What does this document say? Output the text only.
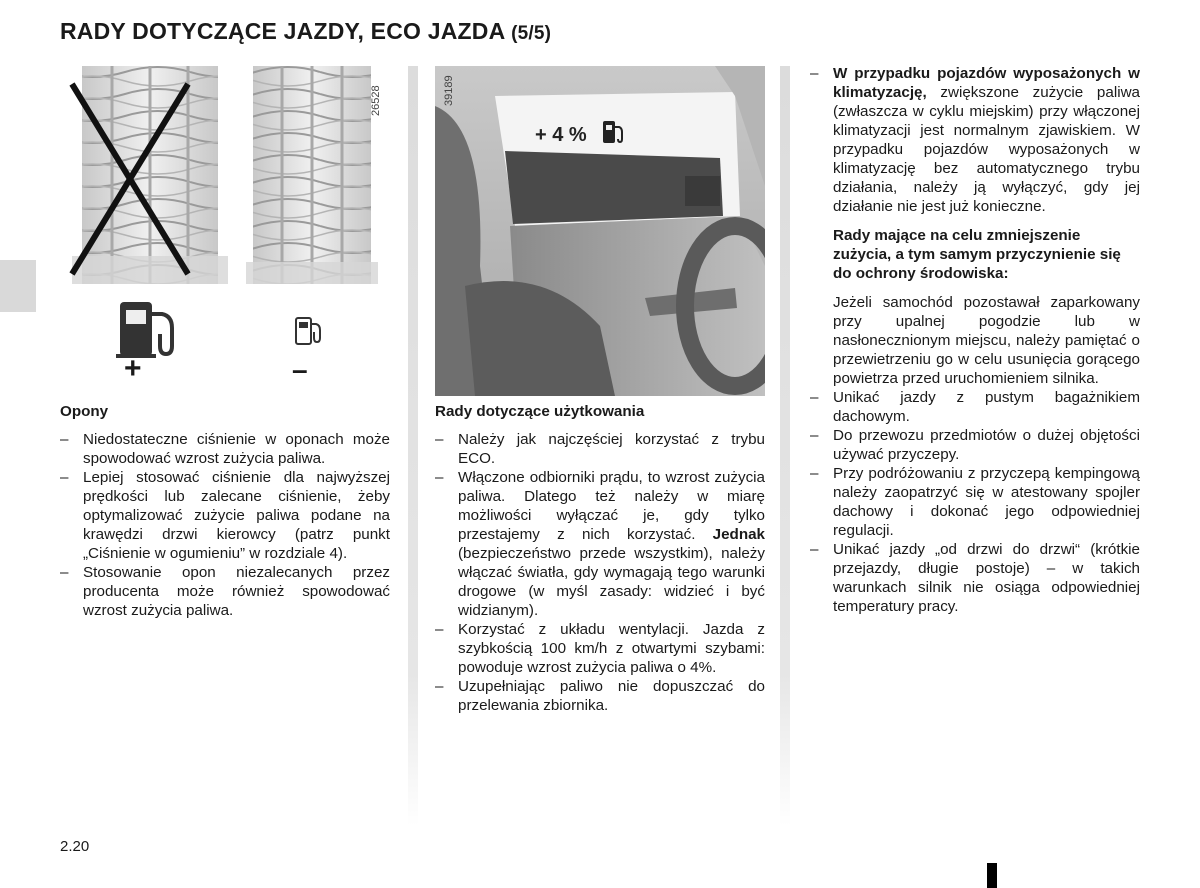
RADY DOTYCZĄCE JAZDY, ECO JAZDA (5/5)
26528
+	–
+ 4 %
39189

Opony

– Niedostateczne ciśnienie w oponach może spowodować wzrost zużycia paliwa.
– Lepiej stosować ciśnienie dla najwyższej prędkości lub zalecane ciśnienie, żeby optymalizować zużycie paliwa podane na krawędzi drzwi kierowcy (patrz punkt „Ciśnienie w ogumieniu” w rozdziale 4).
– Stosowanie opon niezalecanych przez producenta może również spowodować wzrost zużycia paliwa.

Rady dotyczące użytkowania

– Należy jak najczęściej korzystać z trybu ECO.
– Włączone odbiorniki prądu, to wzrost zużycia paliwa. Dlatego też należy w miarę możliwości wyłączać je, gdy tylko przestajemy z nich korzystać. Jednak (bezpieczeństwo przede wszystkim), należy włączać światła, gdy wymagają tego warunki drogowe (w myśl zasady: widzieć i być widzianym).
– Korzystać z układu wentylacji. Jazda z szybkością 100 km/h z otwartymi szybami: powoduje wzrost zużycia paliwa o 4%.
– Uzupełniając paliwo nie dopuszczać do przelewania zbiornika.
– W przypadku pojazdów wyposażonych w klimatyzację, zwiększone zużycie paliwa (zwłaszcza w cyklu miejskim) przy włączonej klimatyzacji jest normalnym zjawiskiem. W przypadku pojazdów wyposażonych w klimatyzację bez automatycznego trybu działania, należy ją wyłączyć, gdy jej działanie nie jest już konieczne.

Rady mające na celu zmniejszenie zużycia, a tym samym przyczynienie się do ochrony środowiska:

Jeżeli samochód pozostawał zaparkowany przy upalnej pogodzie lub w nasłonecznionym miejscu, należy pamiętać o przewietrzeniu go w celu usunięcia gorącego powietrza przed uruchomieniem silnika.

– Unikać jazdy z pustym bagażnikiem dachowym.
– Do przewozu przedmiotów o dużej objętości używać przyczepy.
– Przy podróżowaniu z przyczepą kempingową należy zaopatrzyć się w atestowany spojler dachowy i dokonać jego odpowiedniej regulacji.
– Unikać jazdy „od drzwi do drzwi“ (krótkie przejazdy, długie postoje) – w takich warunkach silnik nie osiąga odpowiedniej temperatury pracy.
2.20
